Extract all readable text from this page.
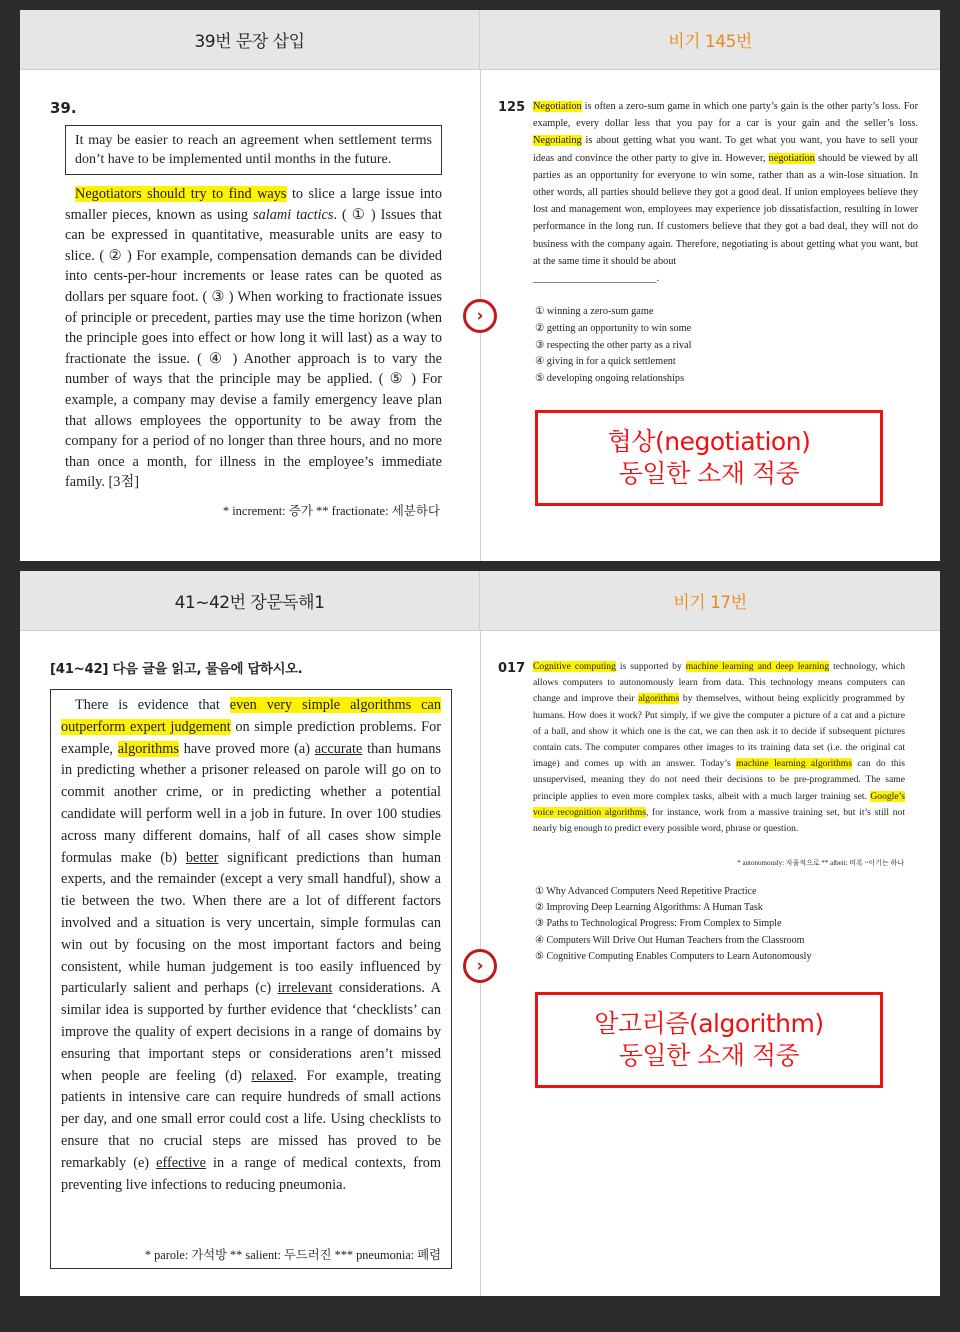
39번 문장 삽입	비기 145번
39.
It may be easier to reach an agreement when settlement terms don’t have to be implemented until months in the future.
Negotiators should try to find ways to slice a large issue into smaller pieces, known as using salami tactics. ( ① ) Issues that can be expressed in quantitative, measurable units are easy to slice. ( ② ) For example, compensation demands can be divided into cents-per-hour increments or lease rates can be quoted as dollars per square foot. ( ③ ) When working to fractionate issues of principle or precedent, parties may use the time horizon (when the principle goes into effect or how long it will last) as a way to fractionate the issue. ( ④ ) Another approach is to vary the number of ways that the principle may be applied. ( ⑤ ) For example, a company may devise a family emergency leave plan that allows employees the opportunity to be away from the company for a period of no longer than three hours, and no more than once a month, for illness in the employee’s immediate family. [3점]
* increment: 증가 ** fractionate: 세분하다
›
125 Negotiation is often a zero-sum game in which one party’s gain is the other party’s loss. For example, every dollar less that you pay for a car is your gain and the seller’s loss. Negotiating is about getting what you want. To get what you want, you have to sell your ideas and convince the other party to give in. However, negotiation should be viewed by all parties as an opportunity for everyone to win some, rather than as a win-lose situation. In other words, all parties should believe they got a good deal. If union employees believe they lost and management won, employees may experience job dissatisfaction, resulting in lower performance in the long run. If customers believe that they got a bad deal, they will not do business with the company again. Therefore, negotiating is about getting what you want, but at the same time it should be about
________________________.
① winning a zero-sum game
② getting an opportunity to win some
③ respecting the other party as a rival
④ giving in for a quick settlement
⑤ developing ongoing relationships
협상(negotiation)
동일한 소재 적중
41~42번 장문독해1	비기 17번
[41~42] 다음 글을 읽고, 물음에 답하시오.
There is evidence that even very simple algorithms can outperform expert judgement on simple prediction problems. For example, algorithms have proved more (a) accurate than humans in predicting whether a prisoner released on parole will go on to commit another crime, or in predicting whether a potential candidate will perform well in a job in future. In over 100 studies across many different domains, half of all cases show simple formulas make (b) better significant predictions than human experts, and the remainder (except a very small handful), show a tie between the two. When there are a lot of different factors involved and a situation is very uncertain, simple formulas can win out by focusing on the most important factors and being consistent, while human judgement is too easily influenced by particularly salient and perhaps (c) irrelevant considerations. A similar idea is supported by further evidence that ‘checklists’ can improve the quality of expert decisions in a range of domains by ensuring that important steps or considerations aren’t missed when people are feeling (d) relaxed. For example, treating patients in intensive care can require hundreds of small actions per day, and one small error could cost a life. Using checklists to ensure that no crucial steps are missed has proved to be remarkably (e) effective in a range of medical contexts, from preventing live infections to reducing pneumonia.
* parole: 가석방 ** salient: 두드러진 *** pneumonia: 폐렴
›
017 Cognitive computing is supported by machine learning and deep learning technology, which allows computers to autonomously learn from data. This technology means computers can change and improve their algorithms by themselves, without being explicitly programmed by humans. How does it work? Put simply, if we give the computer a picture of a cat and a picture of a ball, and show it which one is the cat, we can then ask it to decide if subsequent pictures contain cats. The computer compares other images to its training data set (i.e. the original cat image) and comes up with an answer. Today’s machine learning algorithms can do this unsupervised, meaning they do not need their decisions to be pre-programmed. The same principle applies to even more complex tasks, albeit with a much larger training set. Google’s voice recognition algorithms, for instance, work from a massive training set, but it’s still not nearly big enough to predict every possible word, phrase or question.
* autonomously: 자율적으로 ** albeit: 비록 ~이기는 하나
① Why Advanced Computers Need Repetitive Practice
② Improving Deep Learning Algorithms: A Human Task
③ Paths to Technological Progress: From Complex to Simple
④ Computers Will Drive Out Human Teachers from the Classroom
⑤ Cognitive Computing Enables Computers to Learn Autonomously
알고리즘(algorithm)
동일한 소재 적중
